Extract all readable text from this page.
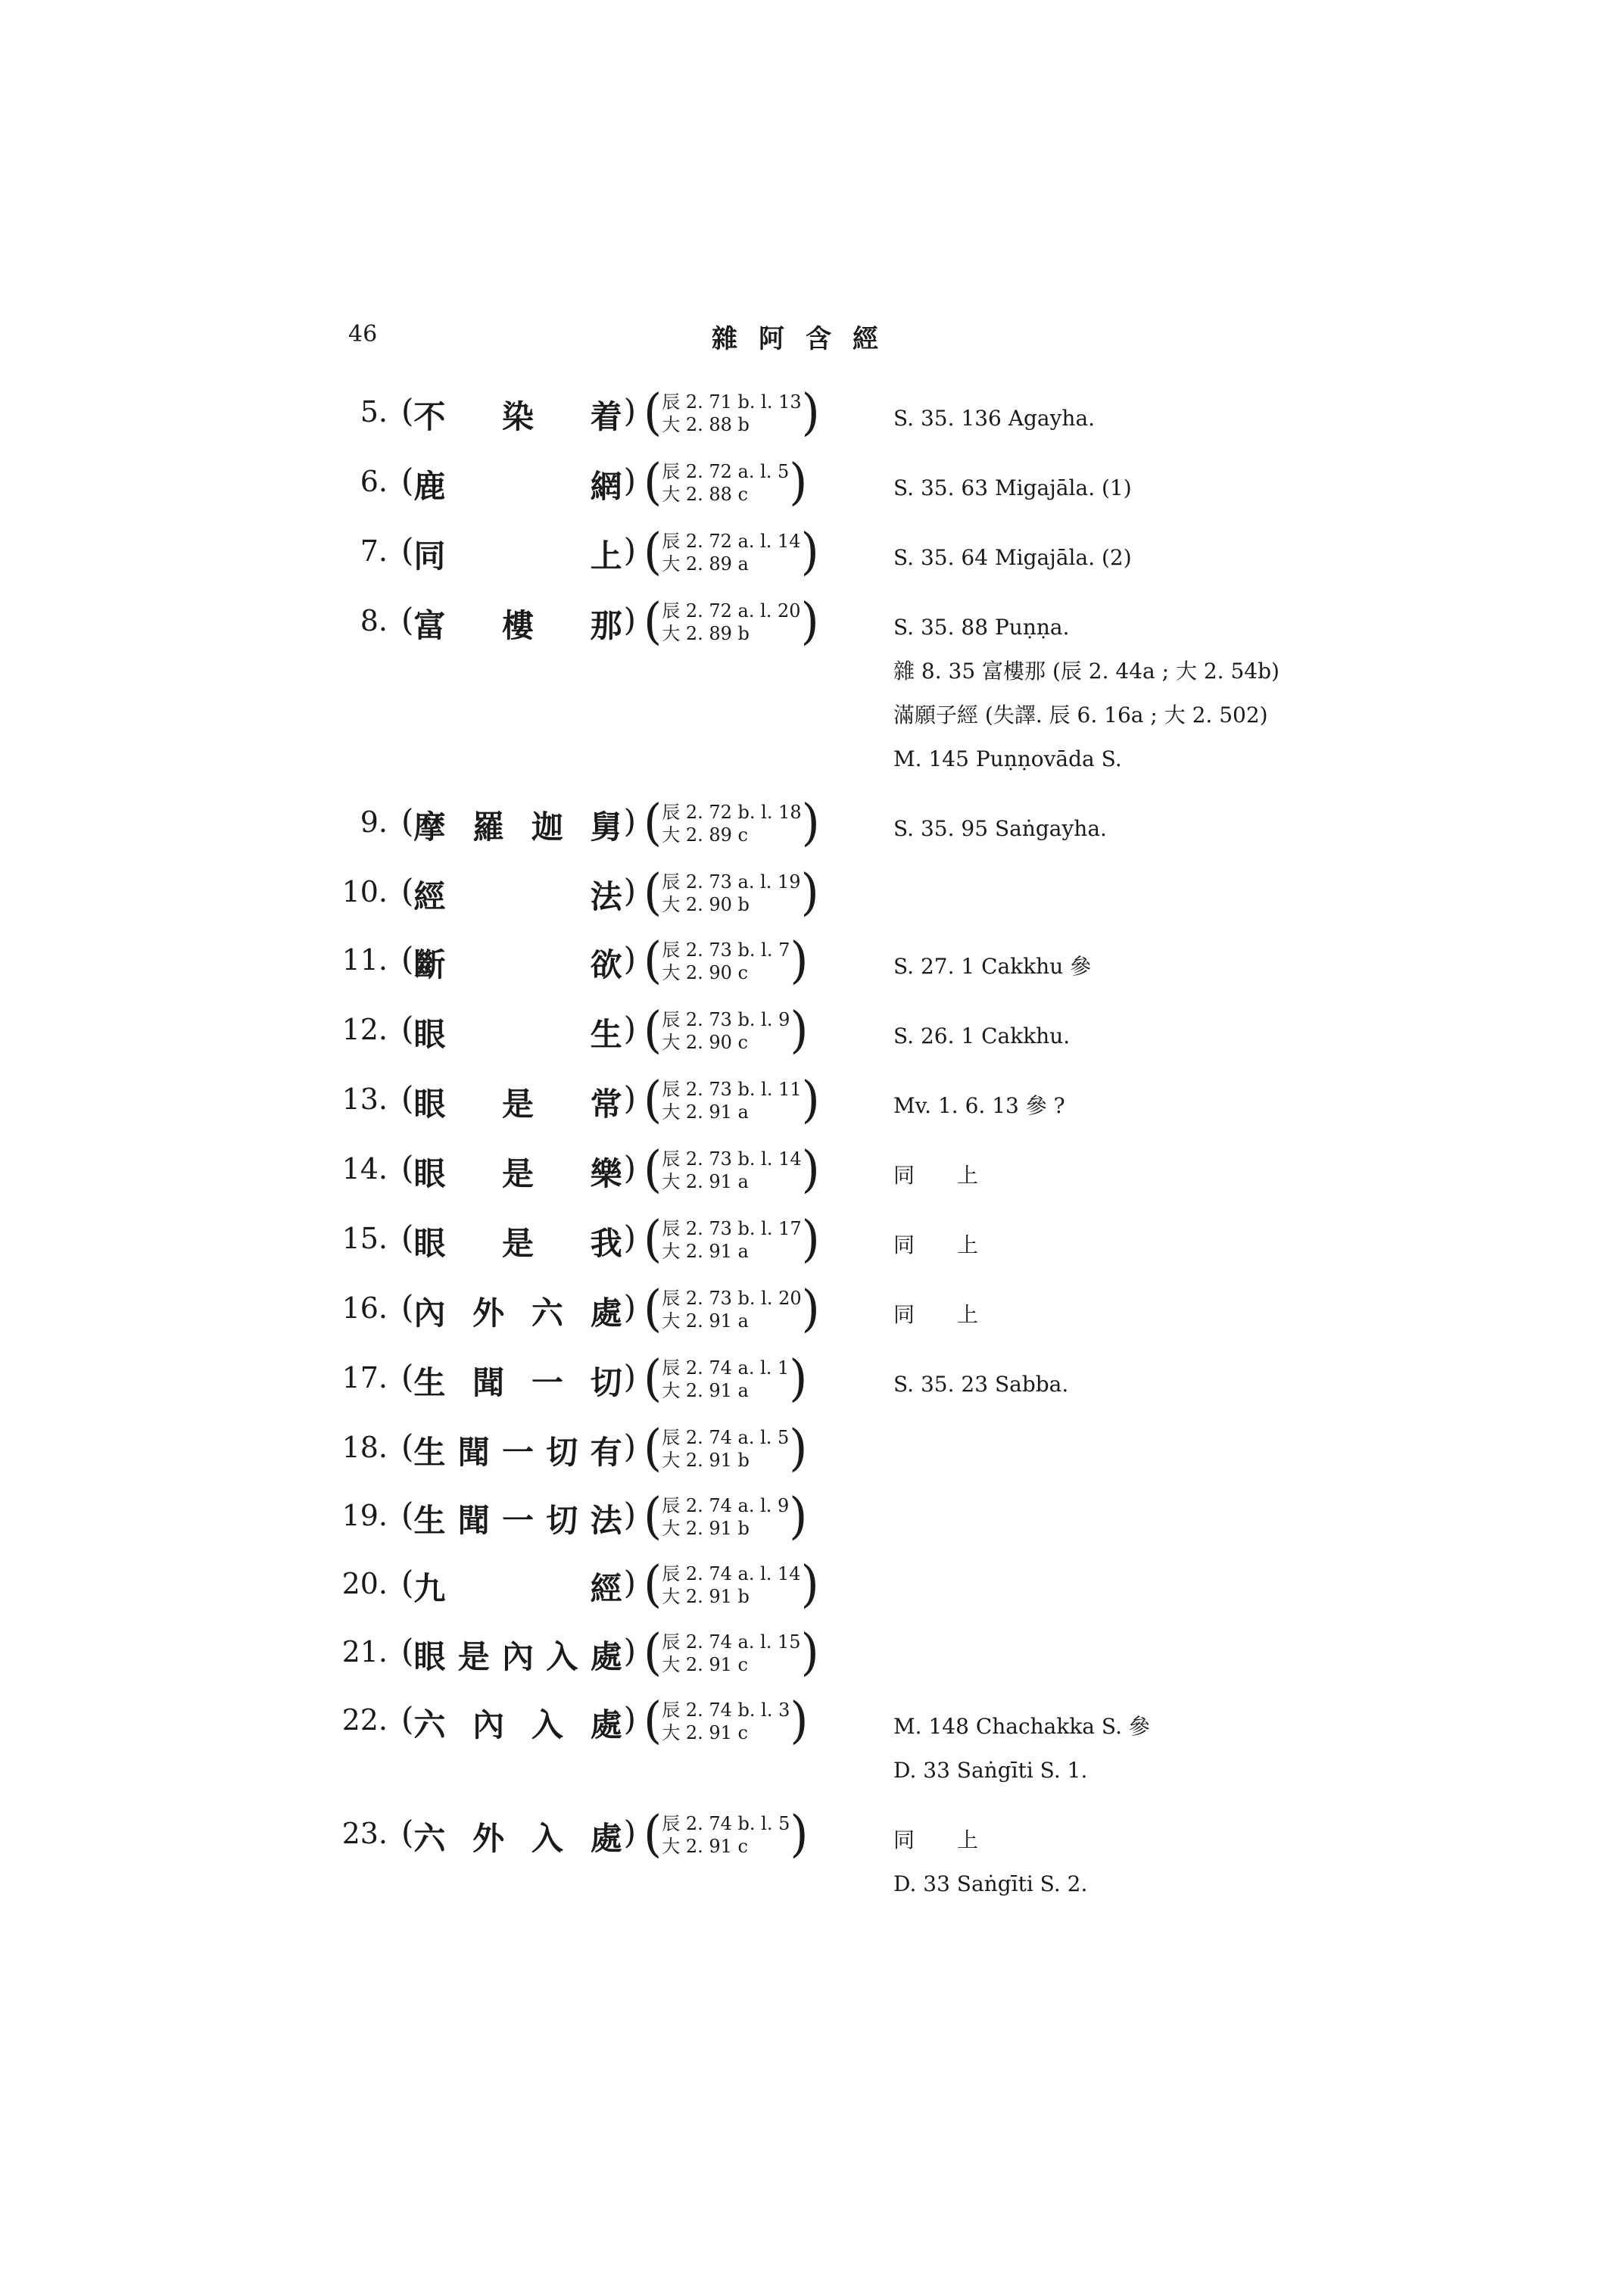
46	雜阿含經
5. ( 不　染　着 ) ( 辰 2. 71 b. l. 13
大 2. 88 b	)	S. 35. 136 Agayha.
6. ( 鹿　　網 ) ( 辰 2. 72 a. l. 5
大 2. 88 c )	S. 35. 63 Migajāla. (1)
7. ( 同　　上 ) ( 辰 2. 72 a. l. 14
大 2. 89 a	)	S. 35. 64 Migajāla. (2)
8. ( 富　樓　那 ) ( 辰 2. 72 a. l. 20
大 2. 89 b	)	S. 35. 88 Puṇṇa.
雜 8. 35 富樓那 (辰 2. 44a ; 大 2. 54b)
滿願子經 (失譯. 辰 6. 16a ; 大 2. 502)
M. 145 Puṇṇovāda S.
9. ( 摩羅迦舅 ) ( 辰 2. 72 b. l. 18
大 2. 89 c	)	S. 35. 95 Saṅgayha.
10. ( 經　　法 ) ( 辰 2. 73 a. l. 19
大 2. 90 b	)
11. ( 斷　　欲 ) ( 辰 2. 73 b. l. 7
大 2. 90 c )	S. 27. 1 Cakkhu 參
12. ( 眼　　生 ) ( 辰 2. 73 b. l. 9
大 2. 90 c )	S. 26. 1 Cakkhu.
13. ( 眼　是　常 ) ( 辰 2. 73 b. l. 11
大 2. 91 a	)	Mv. 1. 6. 13 參 ?
14. ( 眼　是　樂 ) ( 辰 2. 73 b. l. 14
大 2. 91 a	)	同　　上
15. ( 眼　是　我 ) ( 辰 2. 73 b. l. 17
大 2. 91 a	)	同　　上
16. ( 內外六處 ) ( 辰 2. 73 b. l. 20
大 2. 91 a	)	同　　上
17. ( 生聞一切 ) ( 辰 2. 74 a. l. 1
大 2. 91 a )	S. 35. 23 Sabba.
18. ( 生聞一切有 ) ( 辰 2. 74 a. l. 5
大 2. 91 b )
19. ( 生聞一切法 ) ( 辰 2. 74 a. l. 9
大 2. 91 b )
20. ( 九　　經 ) ( 辰 2. 74 a. l. 14
大 2. 91 b	)
21. ( 眼是內入處 ) ( 辰 2. 74 a. l. 15
大 2. 91 c	)
22. ( 六內入處 ) ( 辰 2. 74 b. l. 3
大 2. 91 c )	M. 148 Chachakka S. 參
D. 33 Saṅgīti S. 1.
23. ( 六外入處 ) ( 辰 2. 74 b. l. 5
大 2. 91 c )	同　　上
D. 33 Saṅgīti S. 2.
